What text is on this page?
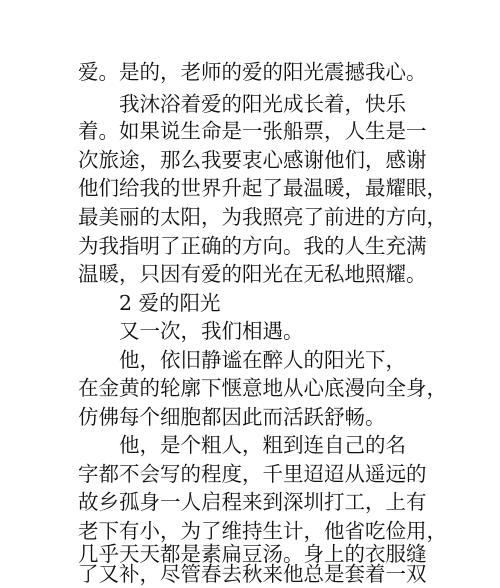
爱。是的，老师的爱的阳光震撼我心。
　　我沐浴着爱的阳光成长着，快乐
着。如果说生命是一张船票，人生是一
次旅途，那么我要衷心感谢他们，感谢
他们给我的世界升起了最温暖，最耀眼，
最美丽的太阳，为我照亮了前进的方向，
为我指明了正确的方向。我的人生充满
温暖，只因有爱的阳光在无私地照耀。
　　2 爱的阳光
　　又一次，我们相遇。
　　他，依旧静谧在醉人的阳光下，
在金黄的轮廓下惬意地从心底漫向全身，
仿佛每个细胞都因此而活跃舒畅。
　　他，是个粗人，粗到连自己的名
字都不会写的程度，千里迢迢从遥远的
故乡孤身一人启程来到深圳打工，上有
老下有小，为了维持生计，他省吃俭用，
几乎天天都是素扁豆汤。身上的衣服缝
了又补，尽管春去秋来他总是套着一双
